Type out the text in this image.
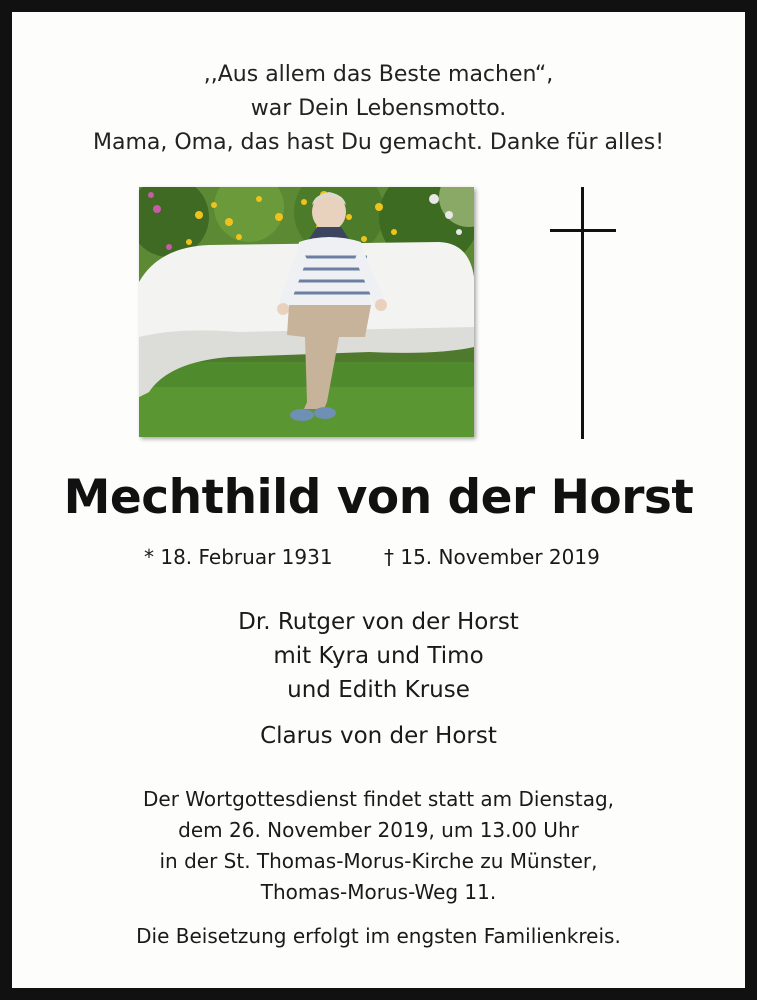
,,Aus allem das Beste machen“,
war Dein Lebensmotto.
Mama, Oma, das hast Du gemacht. Danke für alles!
Mechthild von der Horst
* 18. Februar 1931	† 15. November 2019
Dr. Rutger von der Horst
mit Kyra und Timo
und Edith Kruse
Clarus von der Horst
Der Wortgottesdienst findet statt am Dienstag,
dem 26. November 2019, um 13.00 Uhr
in der St. Thomas-Morus-Kirche zu Münster,
Thomas-Morus-Weg 11.
Die Beisetzung erfolgt im engsten Familienkreis.
